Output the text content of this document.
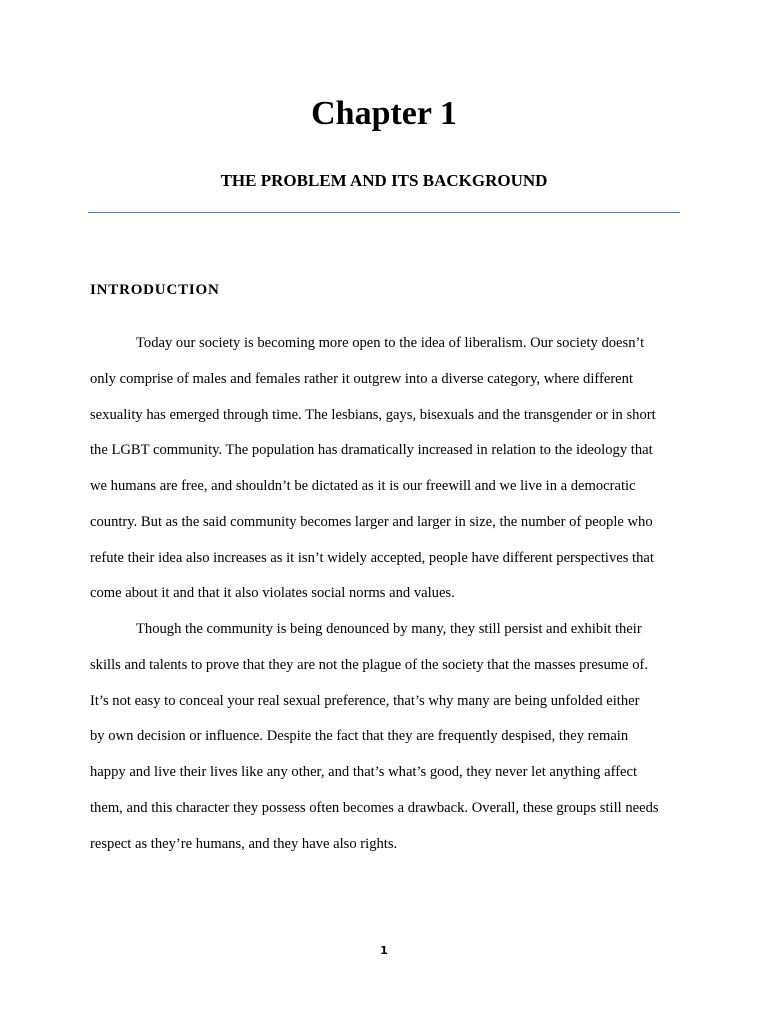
Chapter 1
THE PROBLEM AND ITS BACKGROUND
INTRODUCTION
Today our society is becoming more open to the idea of liberalism. Our society doesn’t
only comprise of males and females rather it outgrew into a diverse category, where different
sexuality has emerged through time. The lesbians, gays, bisexuals and the transgender or in short
the LGBT community. The population has dramatically increased in relation to the ideology that
we humans are free, and shouldn’t be dictated as it is our freewill and we live in a democratic
country. But as the said community becomes larger and larger in size, the number of people who
refute their idea also increases as it isn’t widely accepted, people have different perspectives that
come about it and that it also violates social norms and values.
Though the community is being denounced by many, they still persist and exhibit their
skills and talents to prove that they are not the plague of the society that the masses presume of.
It’s not easy to conceal your real sexual preference, that’s why many are being unfolded either
by own decision or influence. Despite the fact that they are frequently despised, they remain
happy and live their lives like any other, and that’s what’s good, they never let anything affect
them, and this character they possess often becomes a drawback. Overall, these groups still needs
respect as they’re humans, and they have also rights.
1
